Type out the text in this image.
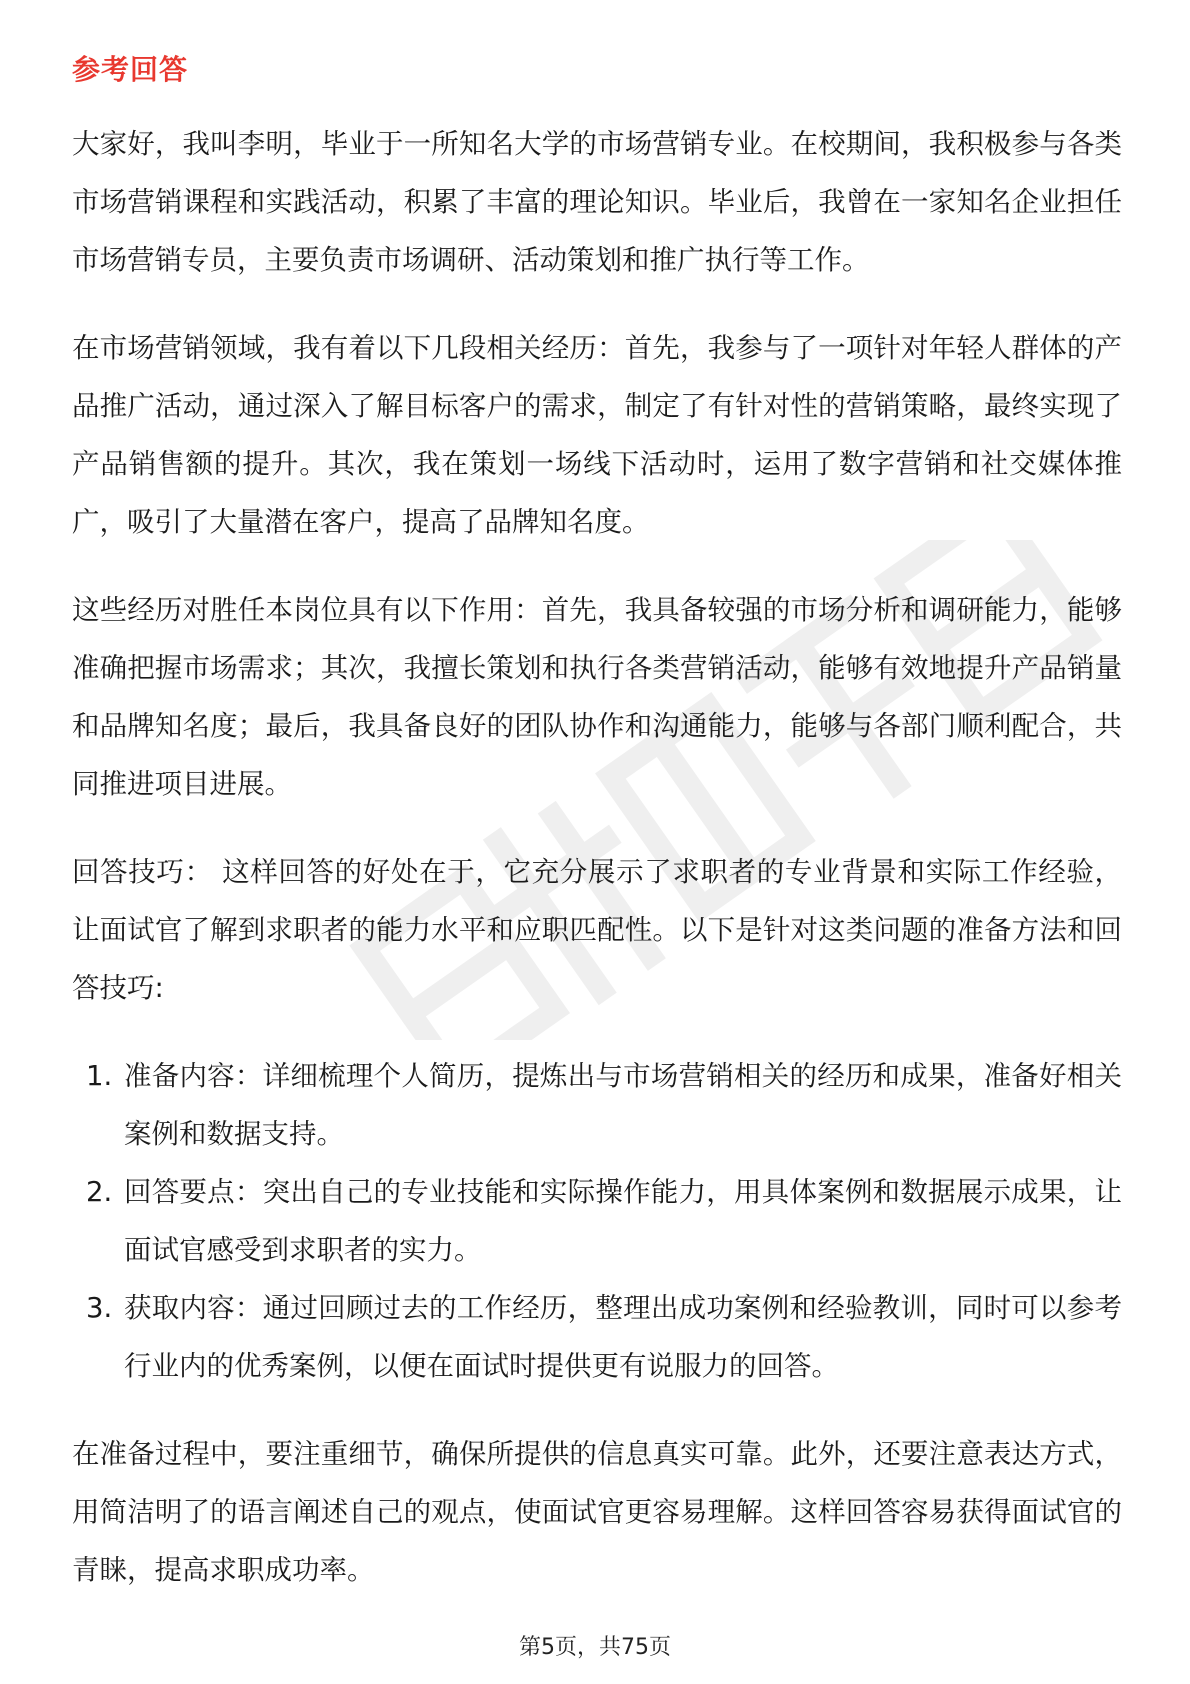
参考回答

大家好，我叫李明，毕业于一所知名大学的市场营销专业。在校期间，我积极参与各类市场营销课程和实践活动，积累了丰富的理论知识。毕业后，我曾在一家知名企业担任市场营销专员，主要负责市场调研、活动策划和推广执行等工作。

在市场营销领域，我有着以下几段相关经历：首先，我参与了一项针对年轻人群体的产品推广活动，通过深入了解目标客户的需求，制定了有针对性的营销策略，最终实现了产品销售额的提升。其次，我在策划一场线下活动时，运用了数字营销和社交媒体推广，吸引了大量潜在客户，提高了品牌知名度。

这些经历对胜任本岗位具有以下作用：首先，我具备较强的市场分析和调研能力，能够准确把握市场需求；其次，我擅长策划和执行各类营销活动，能够有效地提升产品销量和品牌知名度；最后，我具备良好的团队协作和沟通能力，能够与各部门顺利配合，共同推进项目进展。

回答技巧： 这样回答的好处在于，它充分展示了求职者的专业背景和实际工作经验，让面试官了解到求职者的能力水平和应职匹配性。以下是针对这类问题的准备方法和回答技巧:

1. 准备内容：详细梳理个人简历，提炼出与市场营销相关的经历和成果，准备好相关案例和数据支持。
2. 回答要点：突出自己的专业技能和实际操作能力，用具体案例和数据展示成果，让面试官感受到求职者的实力。
3. 获取内容：通过回顾过去的工作经历，整理出成功案例和经验教训，同时可以参考行业内的优秀案例，以便在面试时提供更有说服力的回答。

在准备过程中，要注重细节，确保所提供的信息真实可靠。此外，还要注意表达方式，用简洁明了的语言阐述自己的观点，使面试官更容易理解。这样回答容易获得面试官的青睐，提高求职成功率。

第5页，共75页
